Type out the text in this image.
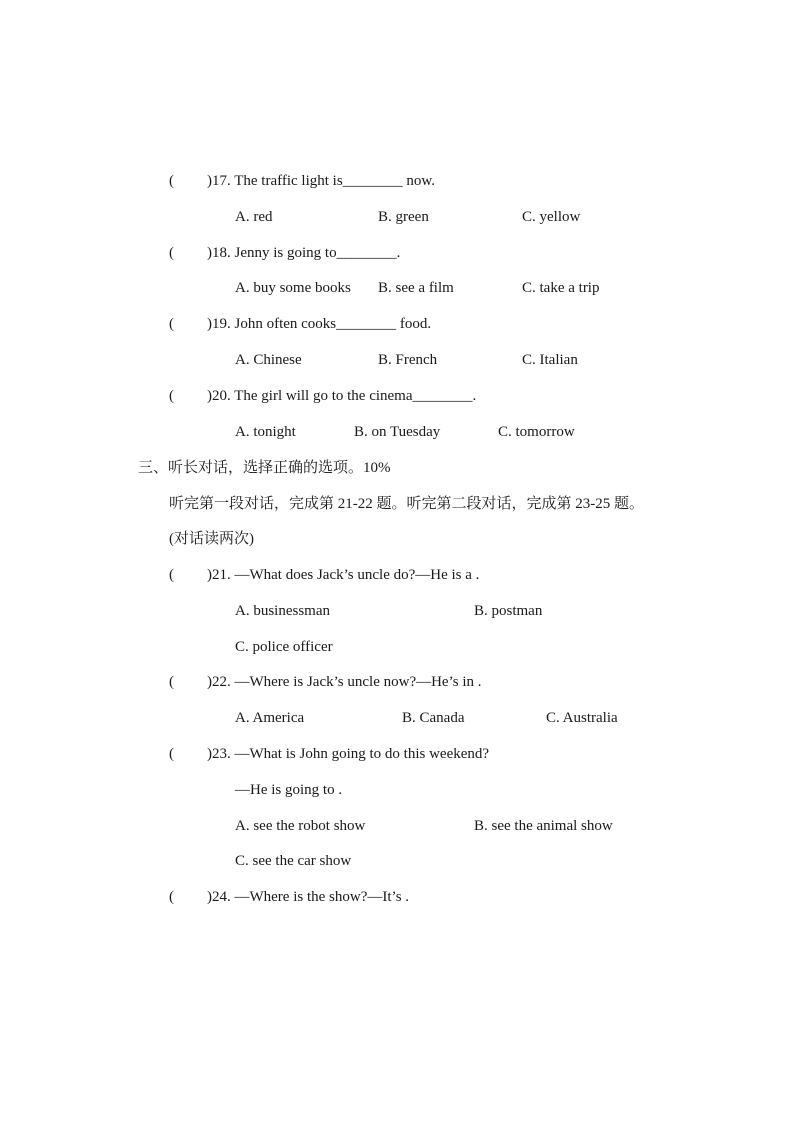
( )17. The traffic light is________ now.
A. red	B. green	C. yellow
( )18. Jenny is going to________.
A. buy some books B. see a film	C. take a trip
( )19. John often cooks________ food.
A. Chinese	B. French	C. Italian
( )20. The girl will go to the cinema________.
A. tonight	B. on Tuesday	C. tomorrow
三、听长对话，选择正确的选项。10%
听完第一段对话，完成第 21-22 题。听完第二段对话，完成第 23-25 题。
(对话读两次)
( )21. —What does Jack’s uncle do?—He is a .
A. businessman	B. postman
C. police officer
( )22. —Where is Jack’s uncle now?—He’s in .
A. America	B. Canada	C. Australia
( )23. —What is John going to do this weekend?
—He is going to .
A. see the robot show	B. see the animal show
C. see the car show
( )24. —Where is the show?—It’s .
